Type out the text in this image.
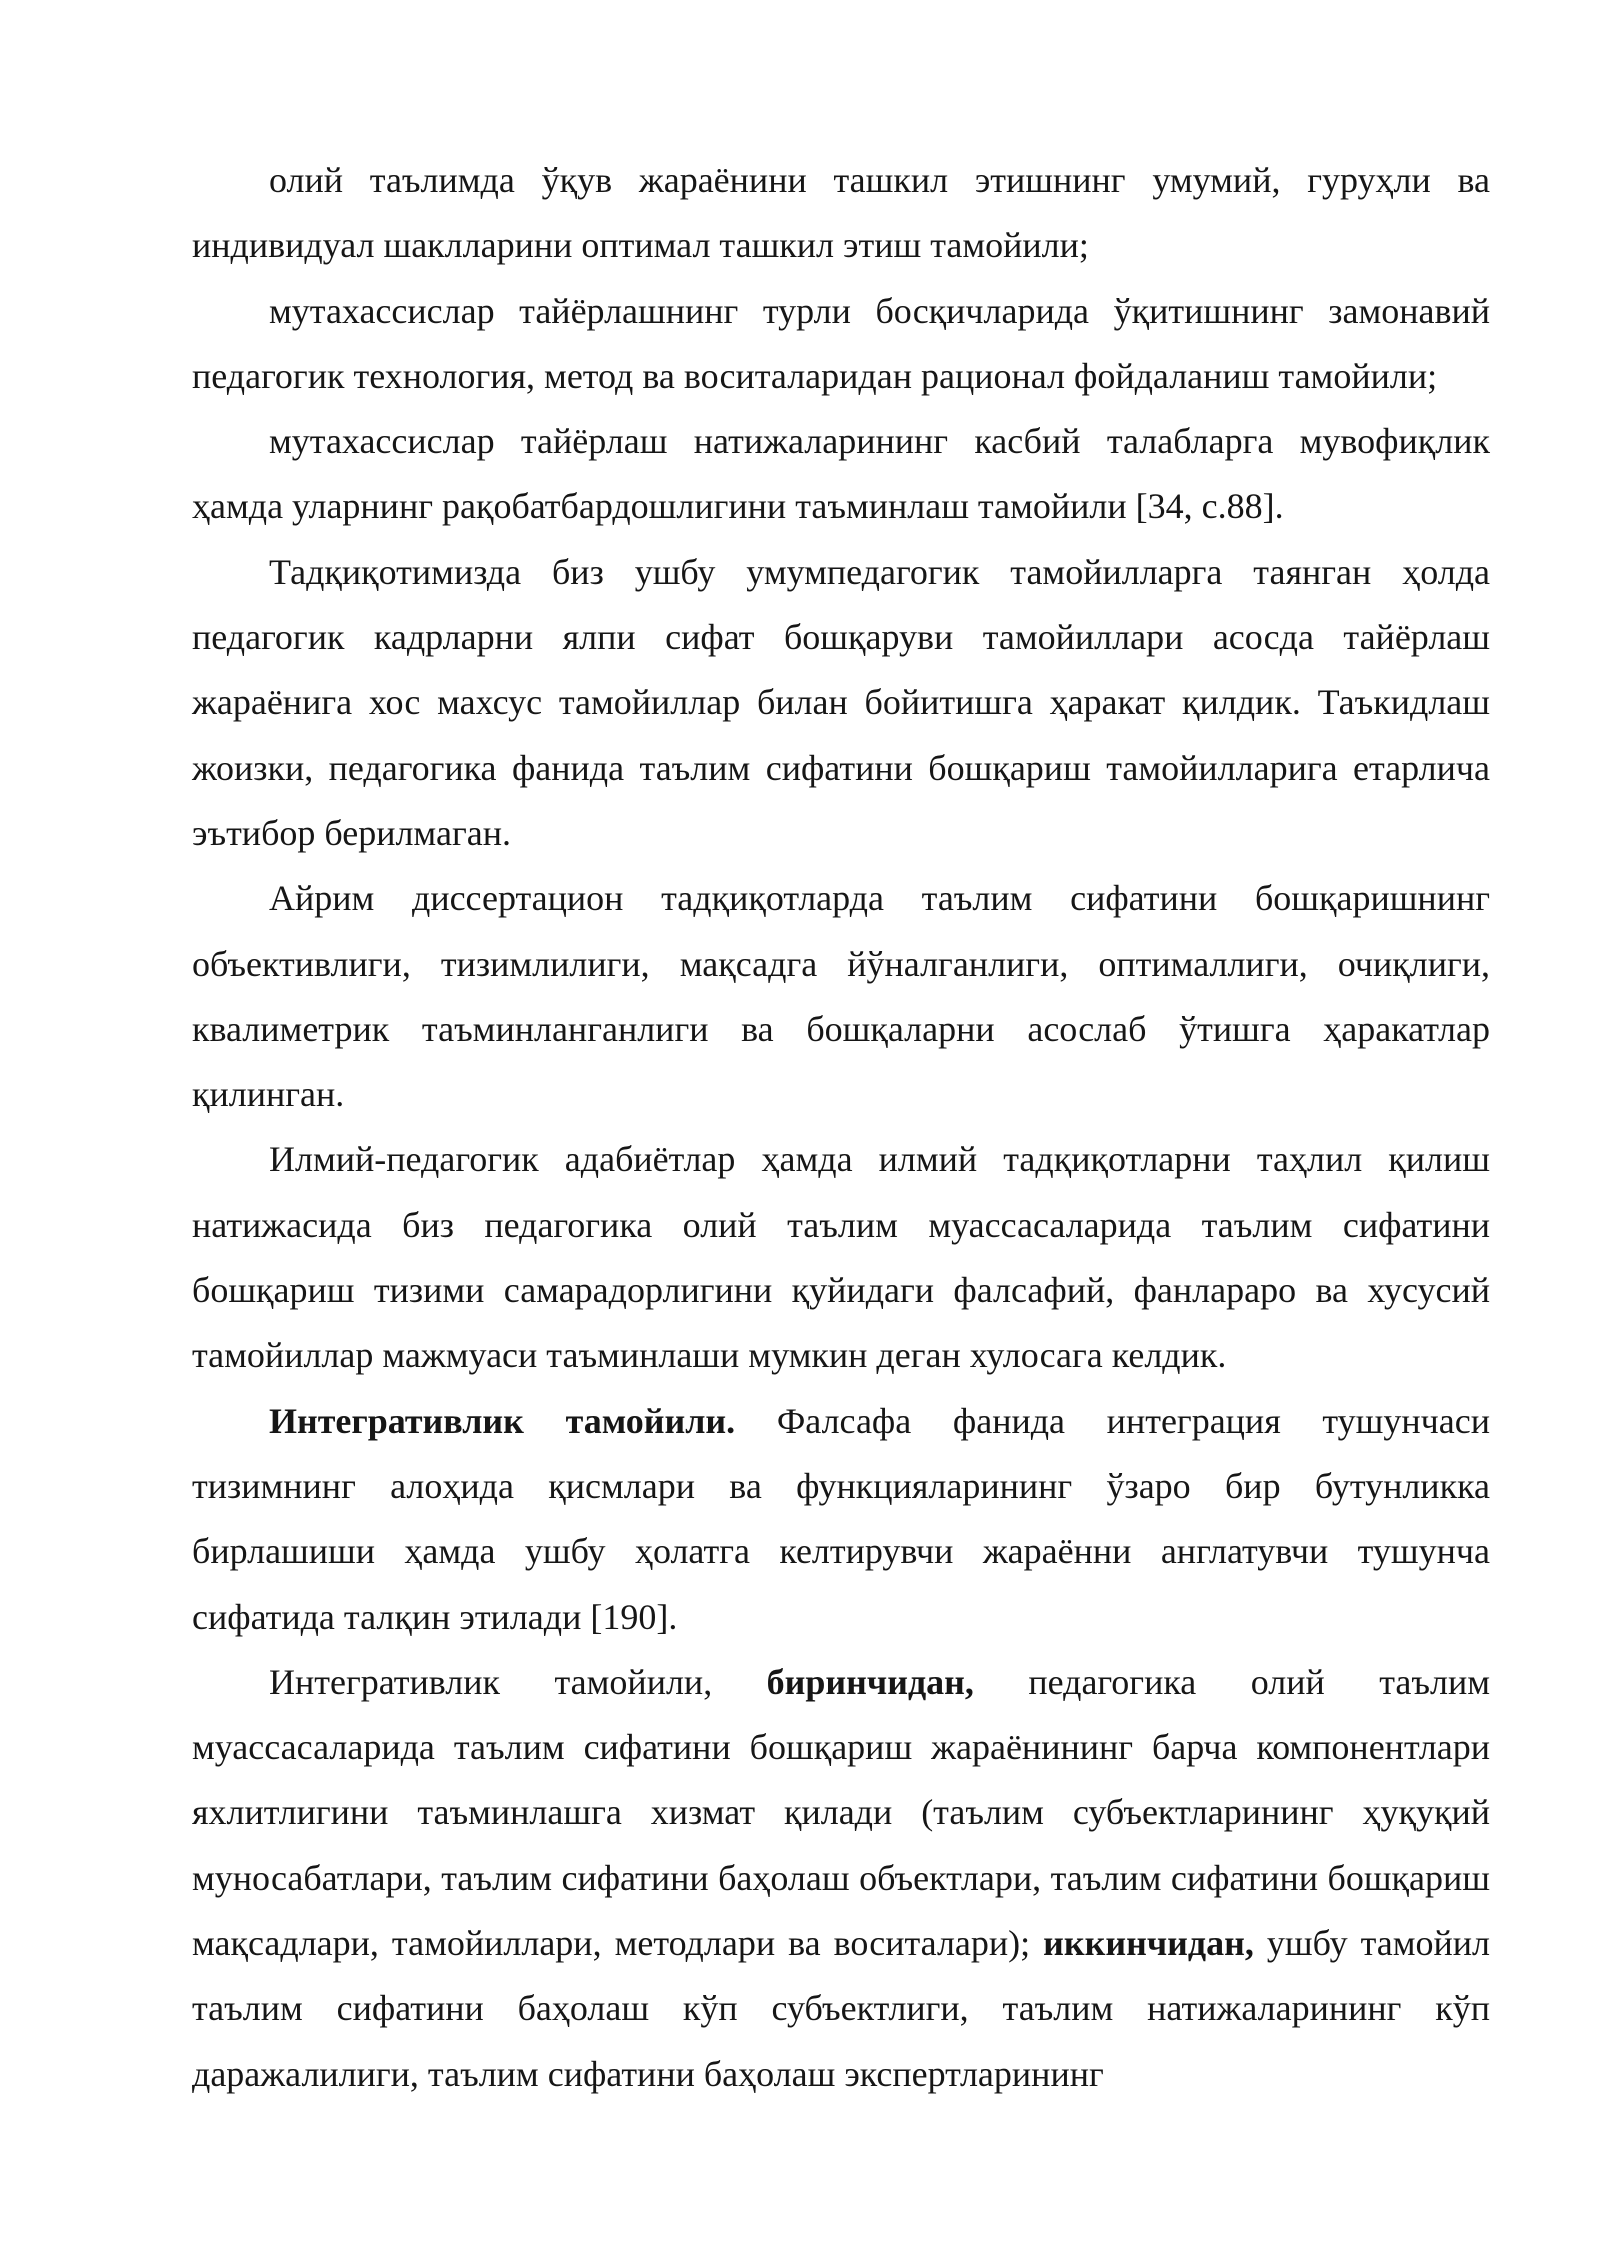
олий таълимда ўқув жараёнини ташкил этишнинг умумий, гуруҳли ва индивидуал шаклларини оптимал ташкил этиш тамойили;

мутахассислар тайёрлашнинг турли босқичларида ўқитишнинг замонавий педагогик технология, метод ва воситаларидан рационал фойдаланиш тамойили;

мутахассислар тайёрлаш натижаларининг касбий талабларга мувофиқлик ҳамда уларнинг рақобатбардошлигини таъминлаш тамойили [34, с.88].

Тадқиқотимизда биз ушбу умумпедагогик тамойилларга таянган ҳолда педагогик кадрларни ялпи сифат бошқаруви тамойиллари асосда тайёрлаш жараёнига хос махсус тамойиллар билан бойитишга ҳаракат қилдик. Таъкидлаш жоизки, педагогика фанида таълим сифатини бошқариш тамойилларига етарлича эътибор берилмаган.

Айрим диссертацион тадқиқотларда таълим сифатини бошқаришнинг объективлиги, тизимлилиги, мақсадга йўналганлиги, оптималлиги, очиқлиги, квалиметрик таъминланганлиги ва бошқаларни асослаб ўтишга ҳаракатлар қилинган.

Илмий-педагогик адабиётлар ҳамда илмий тадқиқотларни таҳлил қилиш натижасида биз педагогика олий таълим муассасаларида таълим сифатини бошқариш тизими самарадорлигини қуйидаги фалсафий, фанлараро ва хусусий тамойиллар мажмуаси таъминлаши мумкин деган хулосага келдик.

Интегративлик тамойили. Фалсафа фанида интеграция тушунчаси тизимнинг алоҳида қисмлари ва функцияларининг ўзаро бир бутунликка бирлашиши ҳамда ушбу ҳолатга келтирувчи жараённи англатувчи тушунча сифатида талқин этилади [190].

Интегративлик тамойили, биринчидан, педагогика олий таълим муассасаларида таълим сифатини бошқариш жараёнининг барча компонентлари яхлитлигини таъминлашга хизмат қилади (таълим субъектларининг ҳуқуқий муносабатлари, таълим сифатини баҳолаш объектлари, таълим сифатини бошқариш мақсадлари, тамойиллари, методлари ва воситалари); иккинчидан, ушбу тамойил таълим сифатини баҳолаш кўп субъектлиги, таълим натижаларининг кўп даражалилиги, таълим сифатини баҳолаш экспертларининг
